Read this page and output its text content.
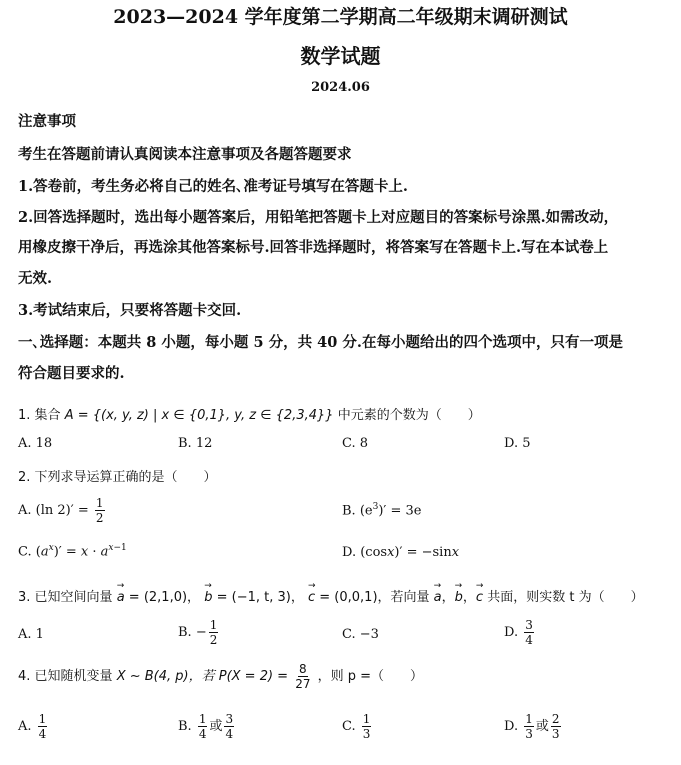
2023—2024 学年度第二学期高二年级期末调研测试
数学试题
2024.06
注意事项
考生在答题前请认真阅读本注意事项及各题答题要求
1.答卷前，考生务必将自己的姓名､准考证号填写在答题卡上.
2.回答选择题时，选出每小题答案后，用铅笔把答题卡上对应题目的答案标号涂黑.如需改动，
用橡皮擦干净后，再选涂其他答案标号.回答非选择题时，将答案写在答题卡上.写在本试卷上
无效.
3.考试结束后，只要将答题卡交回.
一､选择题：本题共 8 小题，每小题 5 分，共 40 分.在每小题给出的四个选项中，只有一项是
符合题目要求的.
1. 集合 A = {(x, y, z) | x ∈ {0,1}, y, z ∈ {2,3,4}} 中元素的个数为（　　）
A. 18	B. 12	C. 8	D. 5
2. 下列求导运算正确的是（　　）
A. (ln $2)' = \frac{1}{2}$	B. $(e^3)' = 3e$
C. $(a^x)' = x \cdot a^{x-1}$	D. (cosx)′ = −sinx
3. 已知空间向量 → a = (2,1,0)， → b = (−1, t, 3)， → c = (0,0,1)，若向量 → a，→ b，→ c 共面，则实数 t 为（　　）
A. 1	B. − $\frac{1}{2}$	C. −3	D. $\frac{3}{4}$
4. 已知随机变量 X ~ B(4, p)，若 $P(X = 2) = \frac{8}{27}$ ，则 p =（　　）
A. $\frac{1}{4}$	B. $\frac{1}{4}$ 或 $\frac{3}{4}$	C. $\frac{1}{3}$	D. $\frac{1}{3}$ 或 $\frac{2}{3}$
